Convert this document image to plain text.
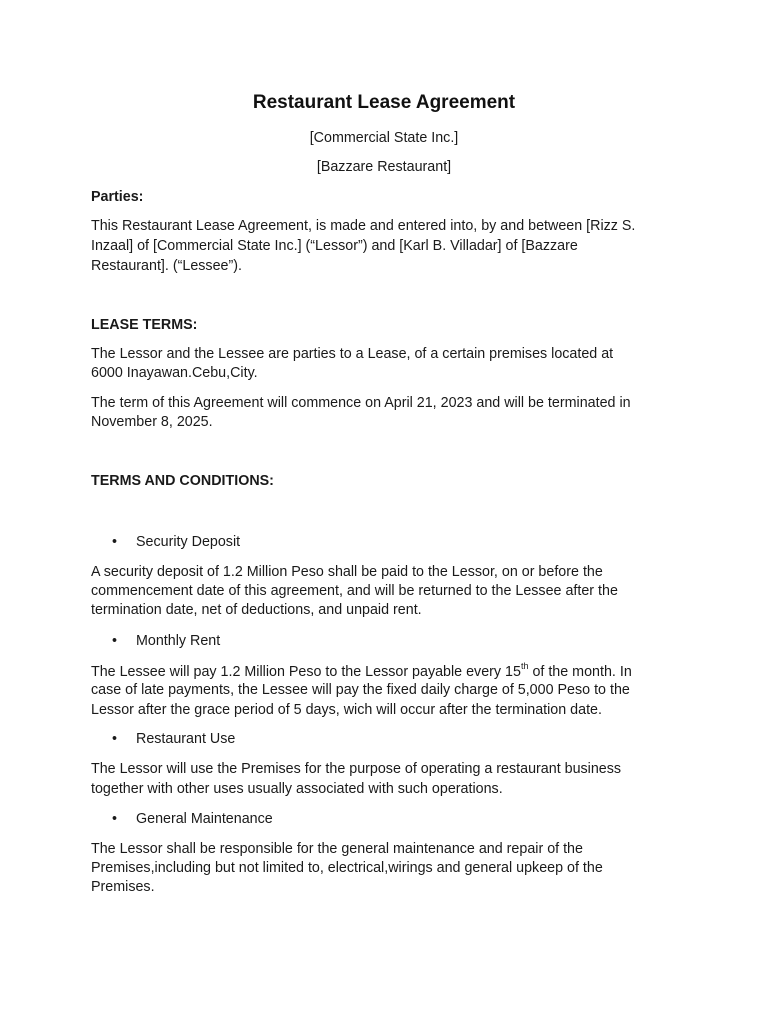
Restaurant Lease Agreement

[Commercial State Inc.]

[Bazzare Restaurant]

Parties:

This Restaurant Lease Agreement, is made and entered into, by and between [Rizz S.

Inzaal] of [Commercial State Inc.] (“Lessor”) and [Karl B. Villadar] of [Bazzare

Restaurant]. (“Lessee”).

LEASE TERMS:

The Lessor and the Lessee are parties to a Lease, of a certain premises located at

6000 Inayawan.Cebu,City.

The term of this Agreement will commence on April 21, 2023 and will be terminated in

November 8, 2025.

TERMS AND CONDITIONS:

• Security Deposit

A security deposit of 1.2 Million Peso shall be paid to the Lessor, on or before the

commencement date of this agreement, and will be returned to the Lessee after the

termination date, net of deductions, and unpaid rent.

• Monthly Rent

The Lessee will pay 1.2 Million Peso to the Lessor payable every 15th of the month. In

case of late payments, the Lessee will pay the fixed daily charge of 5,000 Peso to the

Lessor after the grace period of 5 days, wich will occur after the termination date.

• Restaurant Use

The Lessor will use the Premises for the purpose of operating a restaurant business

together with other uses usually associated with such operations.

• General Maintenance

The Lessor shall be responsible for the general maintenance and repair of the

Premises,including but not limited to, electrical,wirings and general upkeep of the

Premises.
